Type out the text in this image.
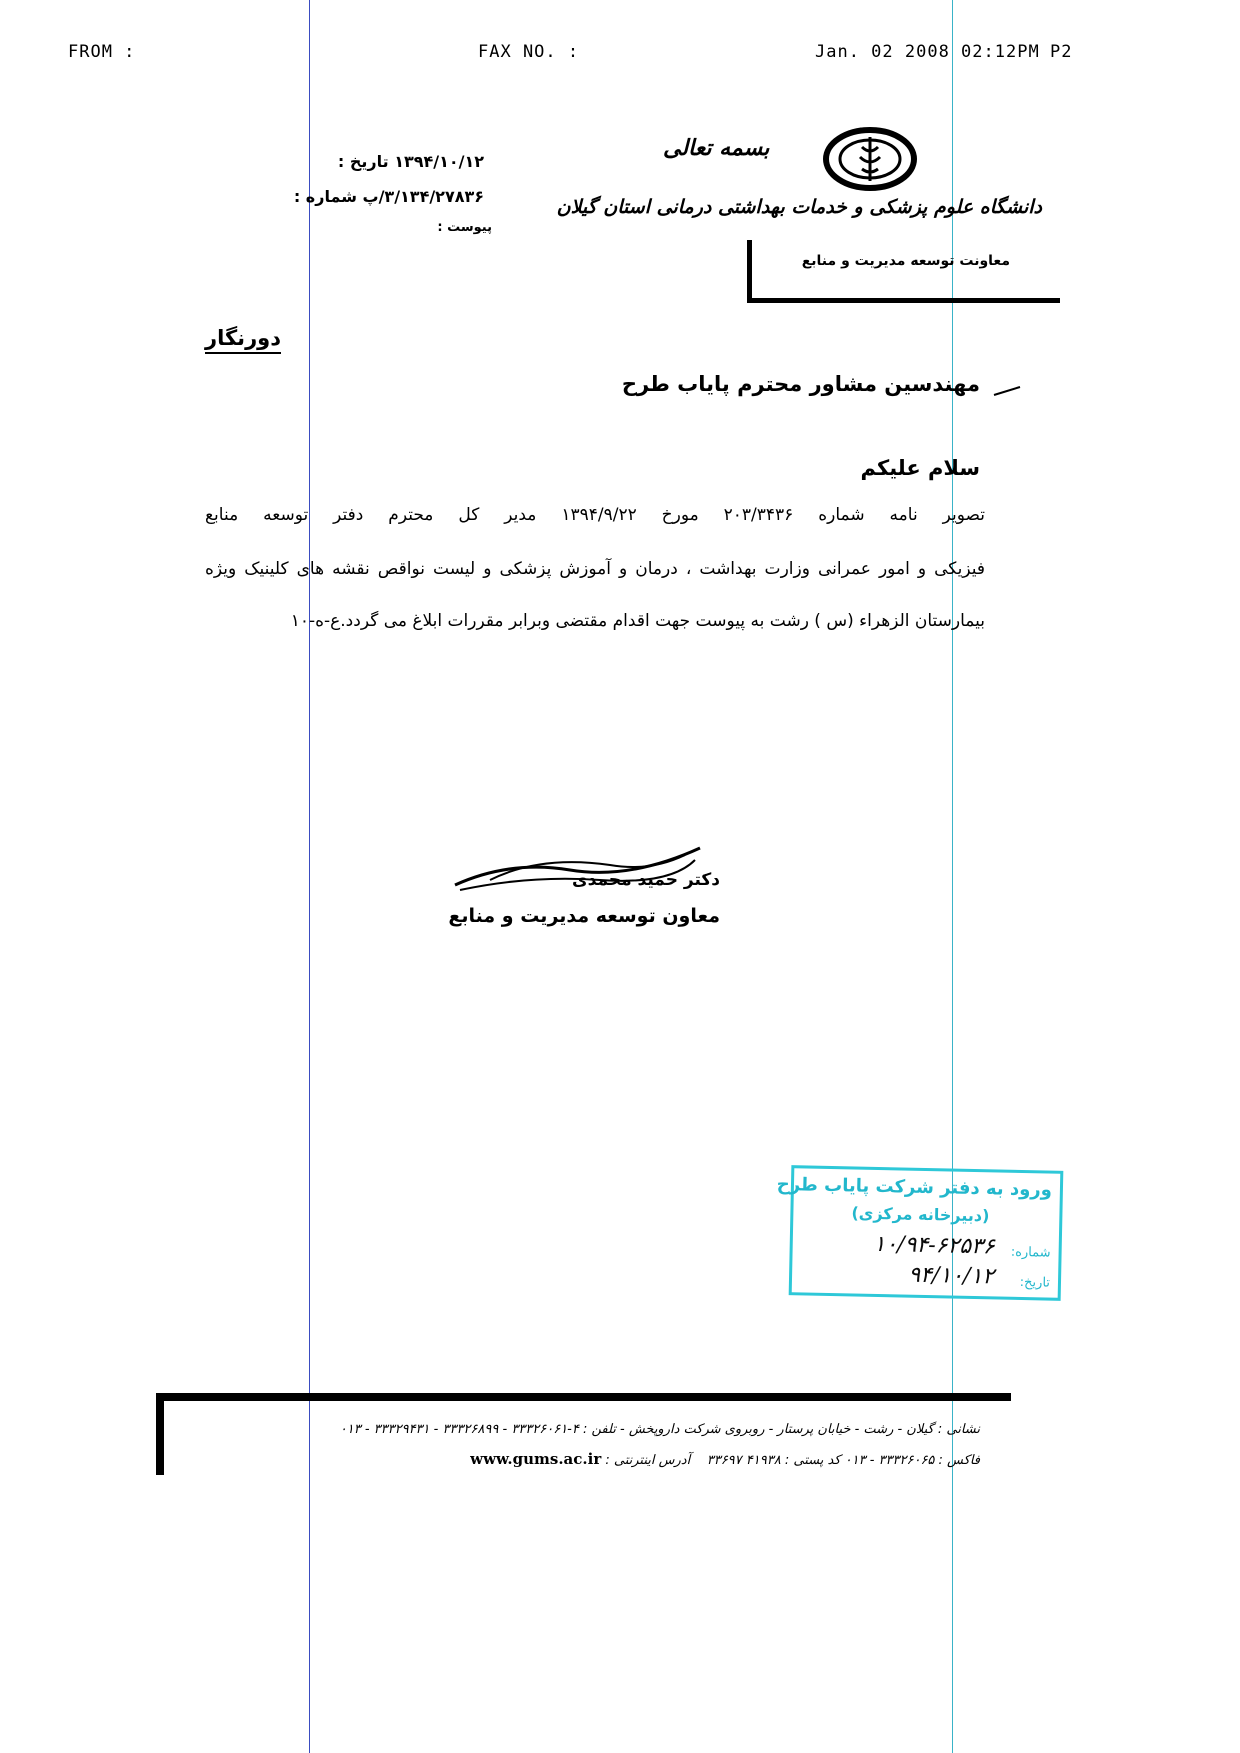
FROM :	FAX NO. :	Jan. 02 2008 02:12PM P2
بسمه تعالی
دانشگاه علوم پزشکی و خدمات بهداشتی درمانی استان گیلان
معاونت توسعه مدیریت و منابع
تاریخ : ۱۳۹۴/۱۰/۱۲
شماره : ۳/۱۳۴/۲۷۸۳۶/پ
پیوست :
دورنگار
مهندسین مشاور محترم پایاب طرح
سلام علیکم
تصویر نامه شماره ۲۰۳/۳۴۳۶ مورخ ۱۳۹۴/۹/۲۲ مدیر کل محترم دفتر توسعه منابع
فیزیکی و امور عمرانی وزارت بهداشت ، درمان و آموزش پزشکی و لیست نواقص نقشه های کلینیک ویژه
بیمارستان الزهراء (س ) رشت به پیوست جهت اقدام مقتضی وبرابر مقررات ابلاغ می گردد.ع-ه-۱۰
دکتر حمید محمدی
معاون توسعه مدیریت و منابع
ورود به دفتر شرکت پایاب طرح
(دبیرخانه مرکزی)
شماره:
۱۰/۹۴-۶۲۵۳۶
تاریخ:
۹۴/۱۰/۱۲
نشانی : گیلان - رشت - خیابان پرستار - روبروی شرکت داروپخش - تلفن : ۴-۳۳۳۲۶۰۶۱ - ۳۳۳۲۶۸۹۹ - ۳۳۳۲۹۴۳۱ - ۰۱۳
فاکس : ۳۳۳۲۶۰۶۵ - ۰۱۳ کد پستی : ۴۱۹۳۸ ۳۳۶۹۷    آدرس اینترنتی : www.gums.ac.ir
